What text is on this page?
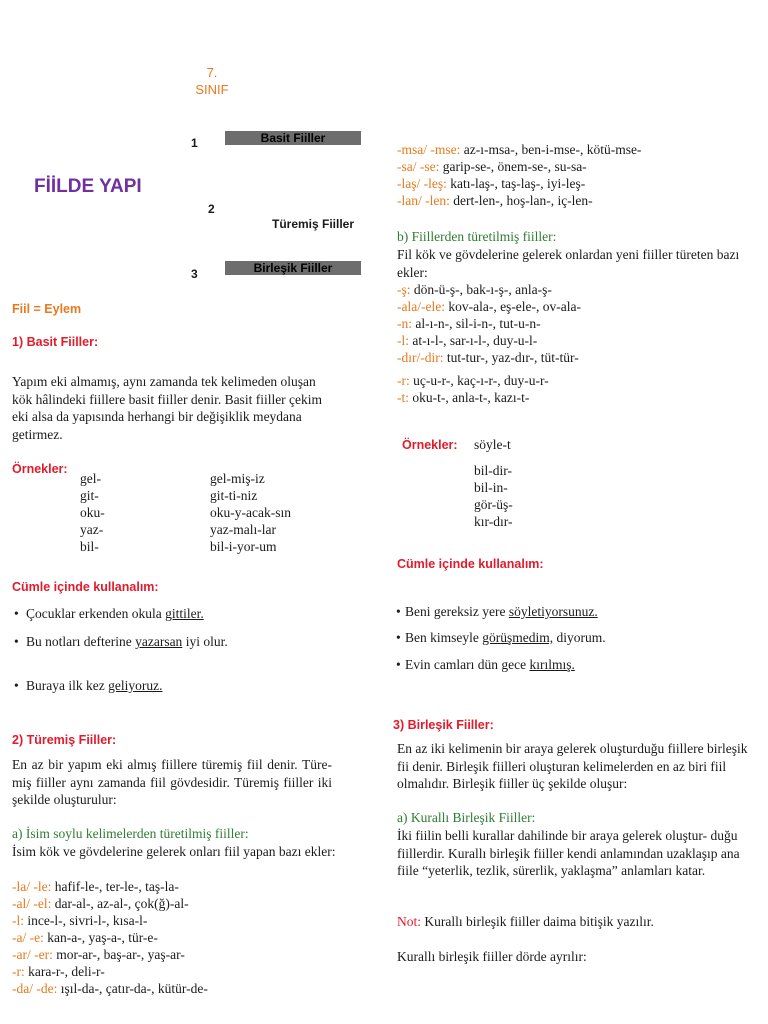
7.
SINIF
FİİLDE YAPI
1	Basit Fiiller
2
Türemiş Fiiller
3	Birleşik Fiiller
Fiil = Eylem
1) Basit Fiiller:
Yapım eki almamış, aynı zamanda tek kelimeden oluşan kök hâlindeki fiillere basit fiiller denir. Basit fiiller çekim eki alsa da yapısında herhangi bir değişiklik meydana getirmez.
Örnekler:
gel-
git-
oku-
yaz-
bil-
gel-miş-iz
git-ti-niz
oku-y-acak-sın
yaz-malı-lar
bil-i-yor-um
Cümle içinde kullanalım:
• Çocuklar erkenden okula gittiler.
• Bu notları defterine yazarsan iyi olur.
• Buraya ilk kez geliyoruz.
2) Türemiş Fiiller:
En az bir yapım eki almış fiillere türemiş fiil denir. Türe- miş fiiller aynı zamanda fiil gövdesidir. Türemiş fiiller iki şekilde oluşturulur:
a) İsim soylu kelimelerden türetilmiş fiiller:
İsim kök ve gövdelerine gelerek onları fiil yapan bazı ekler:
-la/ -le: hafif-le-, ter-le-, taş-la-
-al/ -el: dar-al-, az-al-, çok(ğ)-al-
-l: ince-l-, sivri-l-, kısa-l-
-a/ -e: kan-a-, yaş-a-, tür-e-
-ar/ -er: mor-ar-, baş-ar-, yaş-ar-
-r: kara-r-, deli-r-
-da/ -de: ışıl-da-, çatır-da-, kütür-de-
-msa/ -mse: az-ı-msa-, ben-i-mse-, kötü-mse-
-sa/ -se: garip-se-, önem-se-, su-sa-
-laş/ -leş: katı-laş-, taş-laş-, iyi-leş-
-lan/ -len: dert-len-, hoş-lan-, iç-len-
b) Fiillerden türetilmiş fiiller:
Fil kök ve gövdelerine gelerek onlardan yeni fiiller türeten bazı ekler:
-ş: dön-ü-ş-, bak-ı-ş-, anla-ş-
-ala/-ele: kov-ala-, eş-ele-, ov-ala-
-n: al-ı-n-, sil-i-n-, tut-u-n-
-l: at-ı-l-, sar-ı-l-, duy-u-l-
-dır/-dir: tut-tur-, yaz-dır-, tüt-tür-
-r: uç-u-r-, kaç-ı-r-, duy-u-r-
-t: oku-t-, anla-t-, kazı-t-
Örnekler: söyle-t
bil-dir-
bil-in-
gör-üş-
kır-dır-
Cümle içinde kullanalım:
• Beni gereksiz yere söyletiyorsunuz.
• Ben kimseyle görüşmedim, diyorum.
• Evin camları dün gece kırılmış.
3) Birleşik Fiiller:
En az iki kelimenin bir araya gelerek oluşturduğu fiillere birleşik fii denir. Birleşik fiilleri oluşturan kelimelerden en az biri fiil olmalıdır. Birleşik fiiller üç şekilde oluşur:
a) Kurallı Birleşik Fiiller:
İki fiilin belli kurallar dahilinde bir araya gelerek oluştur- duğu fiillerdir. Kurallı birleşik fiiller kendi anlamından uzaklaşıp ana fiile “yeterlik, tezlik, sürerlik, yaklaşma” anlamları katar.
Not: Kurallı birleşik fiiller daima bitişik yazılır.
Kurallı birleşik fiiller dörde ayrılır:
